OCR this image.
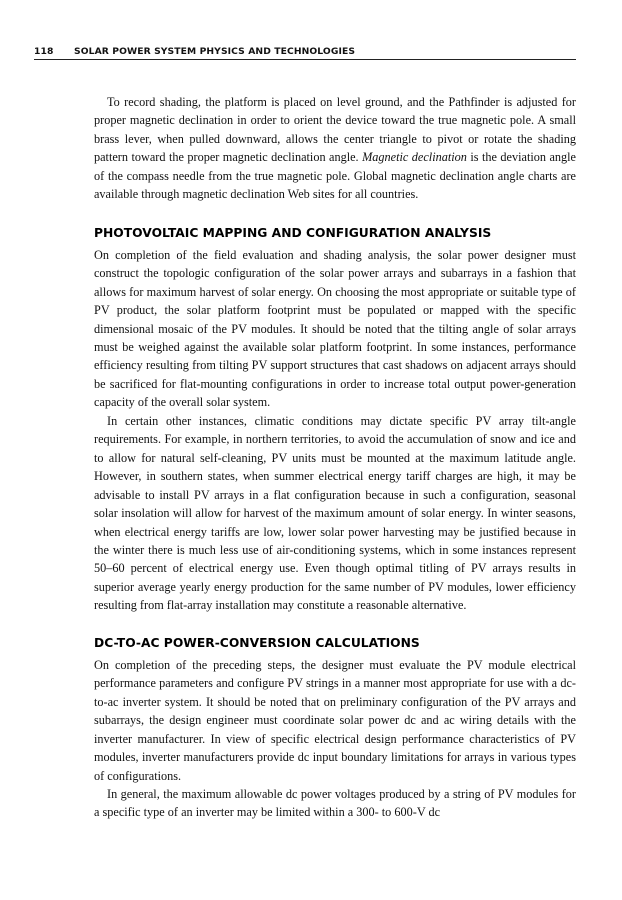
118 SOLAR POWER SYSTEM PHYSICS AND TECHNOLOGIES

To record shading, the platform is placed on level ground, and the Pathfinder is adjusted for proper magnetic declination in order to orient the device toward the true magnetic pole. A small brass lever, when pulled downward, allows the center triangle to pivot or rotate the shading pattern toward the proper magnetic declination angle. Magnetic declination is the deviation angle of the compass needle from the true magnetic pole. Global magnetic declination angle charts are available through magnetic declination Web sites for all countries.

PHOTOVOLTAIC MAPPING AND CONFIGURATION ANALYSIS

On completion of the field evaluation and shading analysis, the solar power designer must construct the topologic configuration of the solar power arrays and subarrays in a fashion that allows for maximum harvest of solar energy. On choosing the most appropriate or suitable type of PV product, the solar platform footprint must be populated or mapped with the specific dimensional mosaic of the PV modules. It should be noted that the tilting angle of solar arrays must be weighed against the available solar platform footprint. In some instances, performance efficiency resulting from tilting PV support structures that cast shadows on adjacent arrays should be sacrificed for flat-mounting configurations in order to increase total output power-generation capacity of the overall solar system.

In certain other instances, climatic conditions may dictate specific PV array tilt-angle requirements. For example, in northern territories, to avoid the accumulation of snow and ice and to allow for natural self-cleaning, PV units must be mounted at the maximum latitude angle. However, in southern states, when summer electrical energy tariff charges are high, it may be advisable to install PV arrays in a flat configuration because in such a configuration, seasonal solar insolation will allow for harvest of the maximum amount of solar energy. In winter seasons, when electrical energy tariffs are low, lower solar power harvesting may be justified because in the winter there is much less use of air-conditioning systems, which in some instances represent 50–60 percent of electrical energy use. Even though optimal titling of PV arrays results in superior average yearly energy production for the same number of PV modules, lower efficiency resulting from flat-array installation may constitute a reasonable alternative.

DC-TO-AC POWER-CONVERSION CALCULATIONS

On completion of the preceding steps, the designer must evaluate the PV module electrical performance parameters and configure PV strings in a manner most appropriate for use with a dc-to-ac inverter system. It should be noted that on preliminary configuration of the PV arrays and subarrays, the design engineer must coordinate solar power dc and ac wiring details with the inverter manufacturer. In view of specific electrical design performance characteristics of PV modules, inverter manufacturers provide dc input boundary limitations for arrays in various types of configurations.

In general, the maximum allowable dc power voltages produced by a string of PV modules for a specific type of an inverter may be limited within a 300- to 600-V dc
